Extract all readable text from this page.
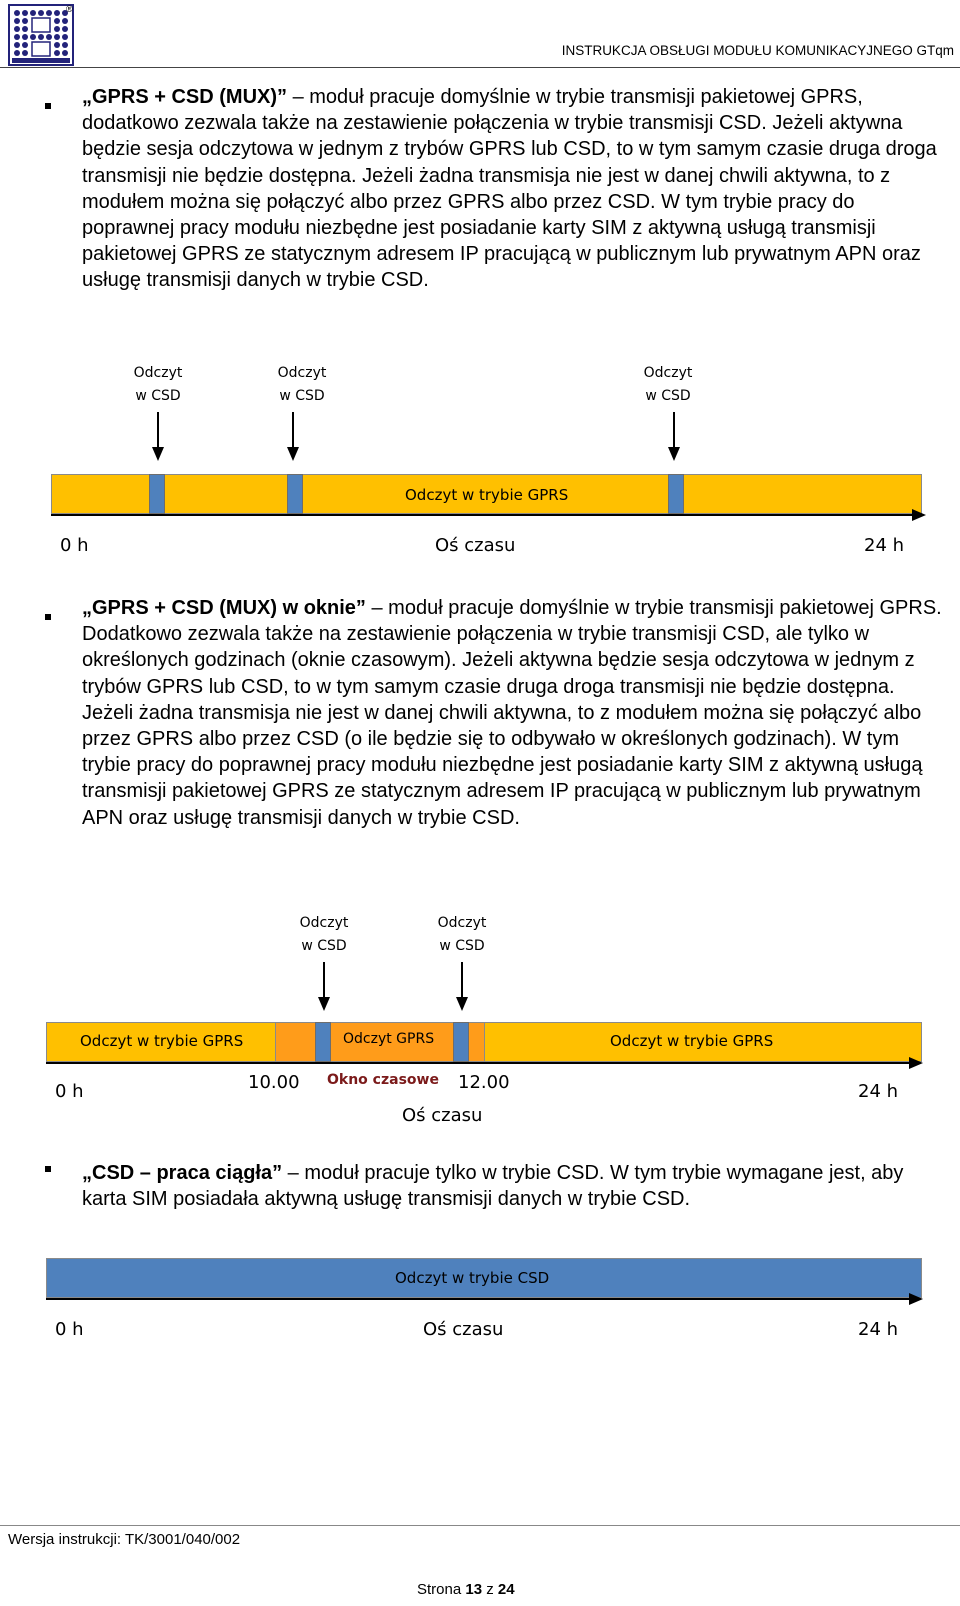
®
INSTRUKCJA OBSŁUGI MODUŁU KOMUNIKACYJNEGO GTqm

„GPRS + CSD (MUX)” – moduł pracuje domyślnie w trybie transmisji pakietowej GPRS, dodatkowo zezwala także na zestawienie połączenia w trybie transmisji CSD. Jeżeli aktywna będzie sesja odczytowa w jednym z trybów GPRS lub CSD, to w tym samym czasie druga droga transmisji nie będzie dostępna. Jeżeli żadna transmisja nie jest w danej chwili aktywna, to z modułem można się połączyć albo przez GPRS albo przez CSD. W tym trybie pracy do poprawnej pracy modułu niezbędne jest posiadanie karty SIM z aktywną usługą transmisji pakietowej GPRS ze statycznym adresem IP pracującą w publicznym lub prywatnym APN oraz usługę transmisji danych w trybie CSD.

Odczyt
w CSD
Odczyt
w CSD
Odczyt
w CSD
Odczyt w trybie GPRS
0 h	Oś czasu	24 h

„GPRS + CSD (MUX) w oknie” – moduł pracuje domyślnie w trybie transmisji pakietowej GPRS. Dodatkowo zezwala także na zestawienie połączenia w trybie transmisji CSD, ale tylko w określonych godzinach (oknie czasowym). Jeżeli aktywna będzie sesja odczytowa w jednym z trybów GPRS lub CSD, to w tym samym czasie druga droga transmisji nie będzie dostępna. Jeżeli żadna transmisja nie jest w danej chwili aktywna, to z modułem można się połączyć albo przez GPRS albo przez CSD (o ile będzie się to odbywało w określonych godzinach). W tym trybie pracy do poprawnej pracy modułu niezbędne jest posiadanie karty SIM z aktywną usługą transmisji pakietowej GPRS ze statycznym adresem IP pracującą w publicznym lub prywatnym APN oraz usługę transmisji danych w trybie CSD.

Odczyt
w CSD
Odczyt
w CSD
Odczyt w trybie GPRS	Odczyt GPRS	Odczyt w trybie GPRS
0 h	10.00 Okno czasowe 12.00	24 h
Oś czasu

„CSD – praca ciągła” – moduł pracuje tylko w trybie CSD. W tym trybie wymagane jest, aby karta SIM posiadała aktywną usługę transmisji danych w trybie CSD.

Odczyt w trybie CSD
0 h	Oś czasu	24 h
Wersja instrukcji: TK/3001/040/002
Strona 13 z 24
